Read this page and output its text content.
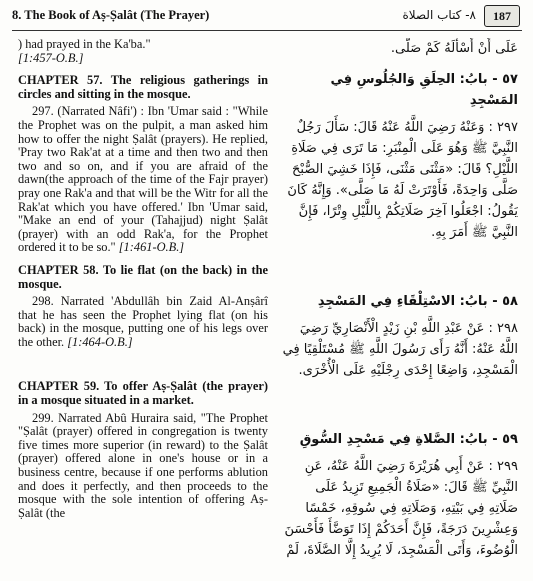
8. The Book of Aṣ-Ṣalât (The Prayer)	٨- كتاب الصلاة	187

) had prayed in the Ka'ba."
[1:457-O.B.]

CHAPTER 57. The religious gatherings in circles and sitting in the mosque.

297. (Narrated Nâfi') : Ibn 'Umar said : "While the Prophet was on the pulpit, a man asked him how to offer the night Ṣalât (prayers). He replied, 'Pray two Rak'at at a time and then two and then two and so on, and if you are afraid of the dawn(the approach of the time of the Fajr prayer) pray one Rak'a and that will be the Witr for all the Rak'at which you have offered.' Ibn 'Umar said, "Make an end of your (Tahajjud) night Ṣalât (prayer) with an odd Rak'a, for the Prophet ordered it to be so." [1:461-O.B.]

CHAPTER 58. To lie flat (on the back) in the mosque.

298. Narrated 'Abdullâh bin Zaid Al-Anṣârî that he has seen the Prophet lying flat (on his back) in the mosque, putting one of his legs over the other. [1:464-O.B.]

CHAPTER 59. To offer Aṣ-Ṣalât (the prayer) in a mosque situated in a market.

299. Narrated Abû Huraira said, "The Prophet "Ṣalât (prayer) offered in congregation is twenty five times more superior (in reward) to the Ṣalât (prayer) offered alone in one's house or in a business centre, because if one performs ablution and does it perfectly, and then proceeds to the mosque with the sole intention of offering Aṣ-Ṣalât (the

عَلَى أَنْ أَسْأَلَهُ كَمْ صَلَّى.

٥٧ - بابُ: الحِلَقِ وَالجُلُوسِ فِي المَسْجِدِ

٢٩٧ : وَعَنْهُ رَضِيَ اللَّهُ عَنْهُ قَالَ: سَأَلَ رَجُلٌ النَّبِيَّ ﷺ وَهُوَ عَلَى الْمِنْبَرِ: مَا تَرَى فِي صَلَاةِ اللَّيْلِ؟ قَالَ: «مَثْنَى مَثْنَى، فَإِذَا خَشِيَ الصُّبْحَ صَلَّى وَاحِدَةً، فَأَوْتَرَتْ لَهُ مَا صَلَّى». وَإِنَّهُ كَانَ يَقُولُ: اجْعَلُوا آخِرَ صَلَاتِكُمْ بِاللَّيْلِ وِتْرًا، فَإِنَّ النَّبِيَّ ﷺ أَمَرَ بِهِ.

٥٨ - بابُ: الاسْتِلْقَاءِ فِي المَسْجِدِ

٢٩٨ : عَنْ عَبْدِ اللَّهِ بْنِ زَيْدٍ الْأَنْصَارِيِّ رَضِيَ اللَّهُ عَنْهُ: أَنَّهُ رَأَى رَسُولَ اللَّهِ ﷺ مُسْتَلْقِيًا فِي الْمَسْجِدِ، وَاضِعًا إِحْدَى رِجْلَيْهِ عَلَى الْأُخْرَى.

٥٩ - بابُ: الصَّلاةِ فِي مَسْجِدِ السُّوقِ

٢٩٩ : عَنْ أَبِي هُرَيْرَةَ رَضِيَ اللَّهُ عَنْهُ، عَنِ النَّبِيِّ ﷺ قَالَ: «صَلَاةُ الْجَمِيعِ تَزِيدُ عَلَى صَلَاتِهِ فِي بَيْتِهِ، وَصَلَاتِهِ فِي سُوقِهِ، خَمْسًا وَعِشْرِينَ دَرَجَةً، فَإِنَّ أَحَدَكُمْ إِذَا تَوَضَّأَ فَأَحْسَنَ الْوُضُوءَ، وَأَتَى الْمَسْجِدَ، لَا يُرِيدُ إِلَّا الصَّلَاةَ، لَمْ
